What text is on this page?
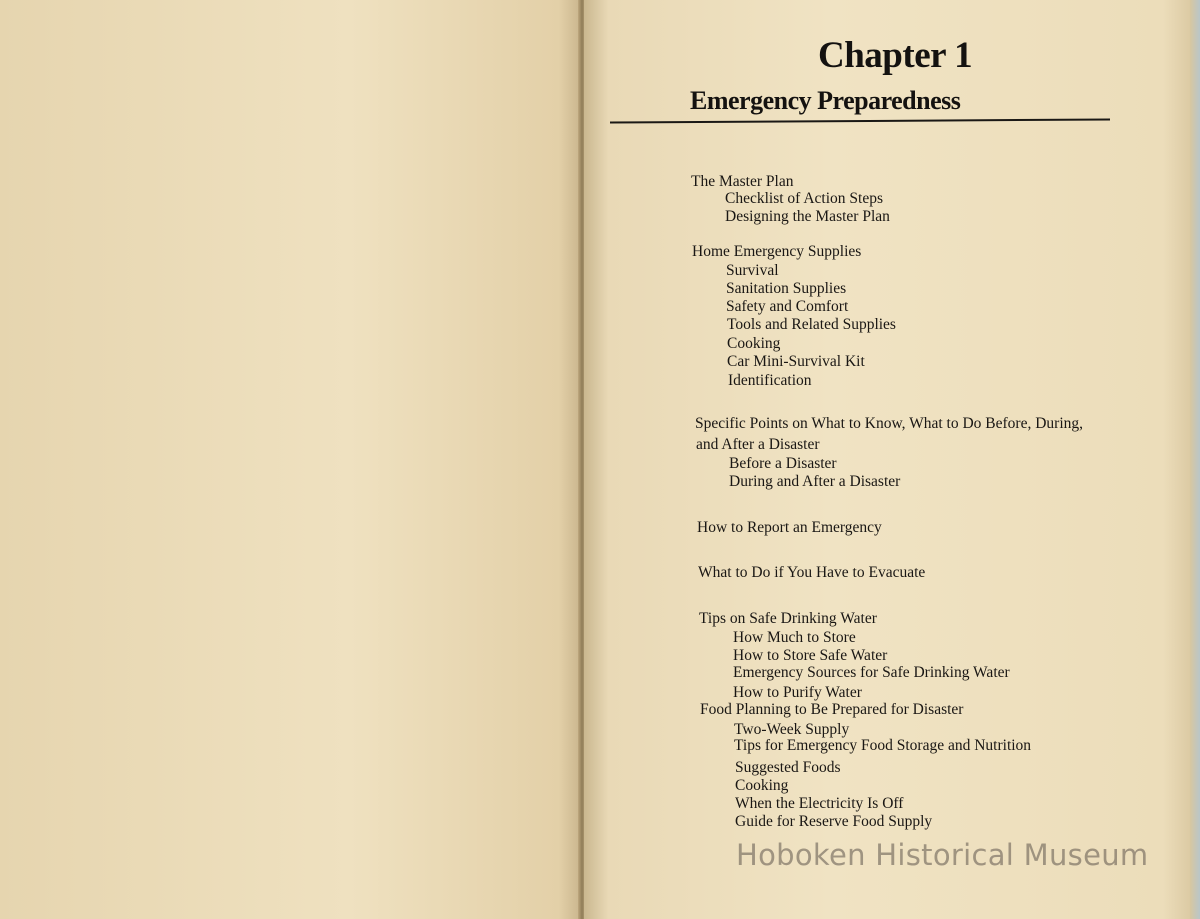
Chapter 1
Emergency Preparedness
The Master Plan
Checklist of Action Steps
Designing the Master Plan
Home Emergency Supplies
Survival
Sanitation Supplies
Safety and Comfort
Tools and Related Supplies
Cooking
Car Mini-Survival Kit
Identification
Specific Points on What to Know, What to Do Before, During,
and After a Disaster
Before a Disaster
During and After a Disaster
How to Report an Emergency
What to Do if You Have to Evacuate
Tips on Safe Drinking Water
How Much to Store
How to Store Safe Water
Emergency Sources for Safe Drinking Water
How to Purify Water
Food Planning to Be Prepared for Disaster
Two-Week Supply
Tips for Emergency Food Storage and Nutrition
Suggested Foods
Cooking
When the Electricity Is Off
Guide for Reserve Food Supply
Hoboken Historical Museum
